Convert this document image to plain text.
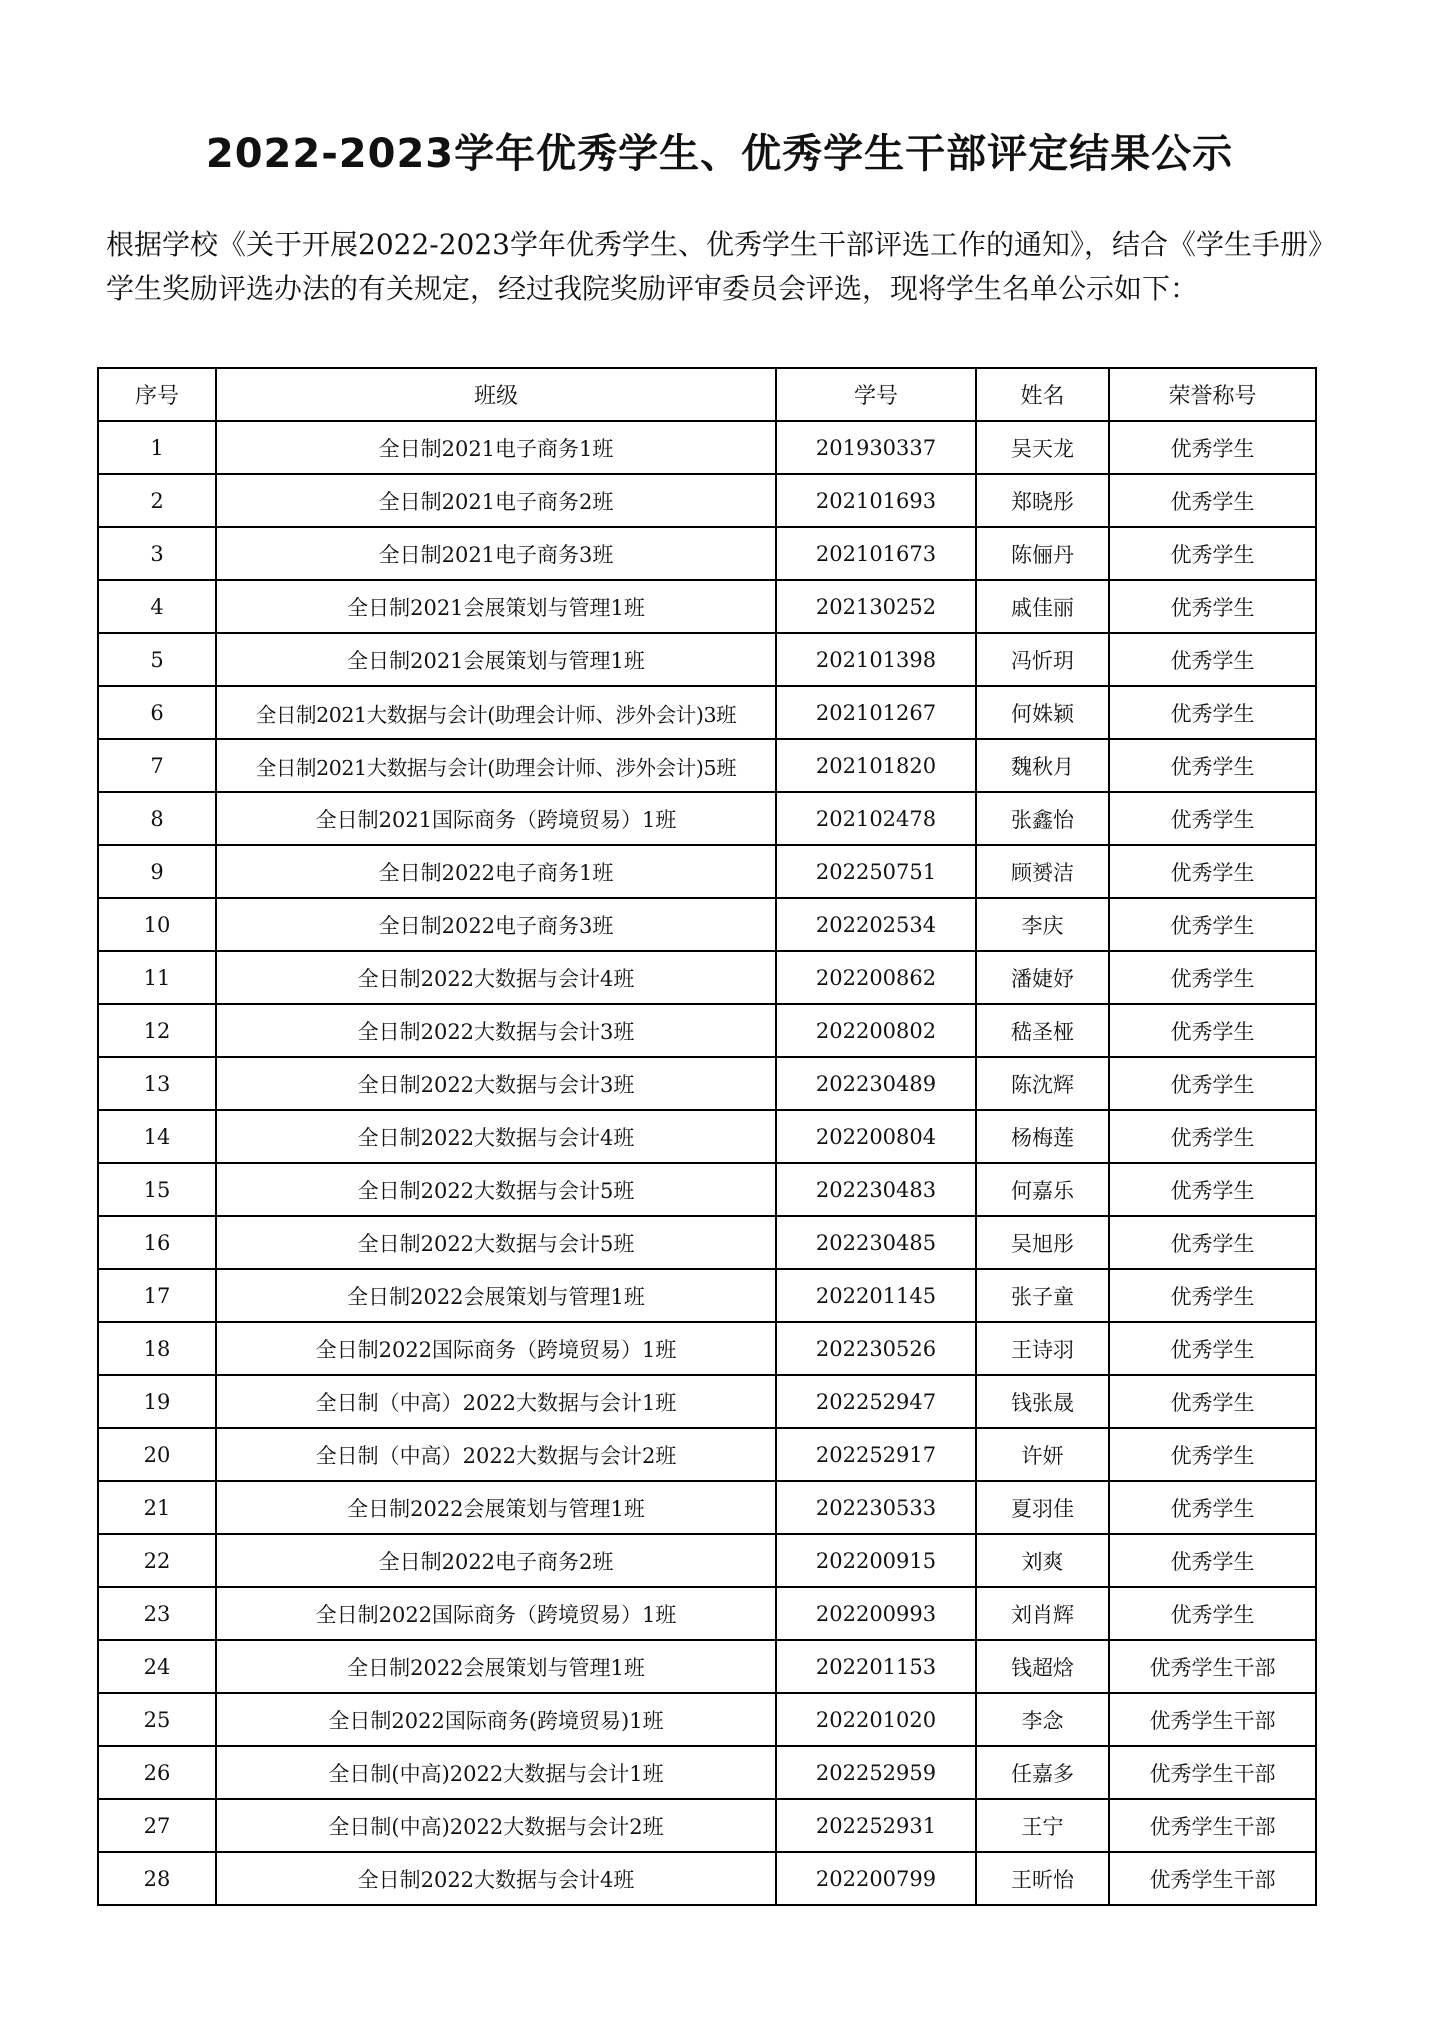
2022-2023学年优秀学生、优秀学生干部评定结果公示
根据学校《关于开展2022-2023学年优秀学生、优秀学生干部评选工作的通知》，结合《学生手册》学生奖励评选办法的有关规定，经过我院奖励评审委员会评选，现将学生名单公示如下：
序号	班级	学号	姓名	荣誉称号
1	全日制2021电子商务1班	201930337	吴天龙	优秀学生
2	全日制2021电子商务2班	202101693	郑晓彤	优秀学生
3	全日制2021电子商务3班	202101673	陈俪丹	优秀学生
4	全日制2021会展策划与管理1班	202130252	戚佳丽	优秀学生
5	全日制2021会展策划与管理1班	202101398	冯忻玥	优秀学生
6	全日制2021大数据与会计(助理会计师、涉外会计)3班	202101267	何姝颖	优秀学生
7	全日制2021大数据与会计(助理会计师、涉外会计)5班	202101820	魏秋月	优秀学生
8	全日制2021国际商务（跨境贸易）1班	202102478	张鑫怡	优秀学生
9	全日制2022电子商务1班	202250751	顾赟洁	优秀学生
10	全日制2022电子商务3班	202202534	李庆	优秀学生
11	全日制2022大数据与会计4班	202200862	潘婕妤	优秀学生
12	全日制2022大数据与会计3班	202200802	嵇圣桠	优秀学生
13	全日制2022大数据与会计3班	202230489	陈沈辉	优秀学生
14	全日制2022大数据与会计4班	202200804	杨梅莲	优秀学生
15	全日制2022大数据与会计5班	202230483	何嘉乐	优秀学生
16	全日制2022大数据与会计5班	202230485	吴旭彤	优秀学生
17	全日制2022会展策划与管理1班	202201145	张子童	优秀学生
18	全日制2022国际商务（跨境贸易）1班	202230526	王诗羽	优秀学生
19	全日制（中高）2022大数据与会计1班	202252947	钱张晟	优秀学生
20	全日制（中高）2022大数据与会计2班	202252917	许妍	优秀学生
21	全日制2022会展策划与管理1班	202230533	夏羽佳	优秀学生
22	全日制2022电子商务2班	202200915	刘爽	优秀学生
23	全日制2022国际商务（跨境贸易）1班	202200993	刘肖辉	优秀学生
24	全日制2022会展策划与管理1班	202201153	钱超焓	优秀学生干部
25	全日制2022国际商务(跨境贸易)1班	202201020	李念	优秀学生干部
26	全日制(中高)2022大数据与会计1班	202252959	任嘉多	优秀学生干部
27	全日制(中高)2022大数据与会计2班	202252931	王宁	优秀学生干部
28	全日制2022大数据与会计4班	202200799	王昕怡	优秀学生干部
